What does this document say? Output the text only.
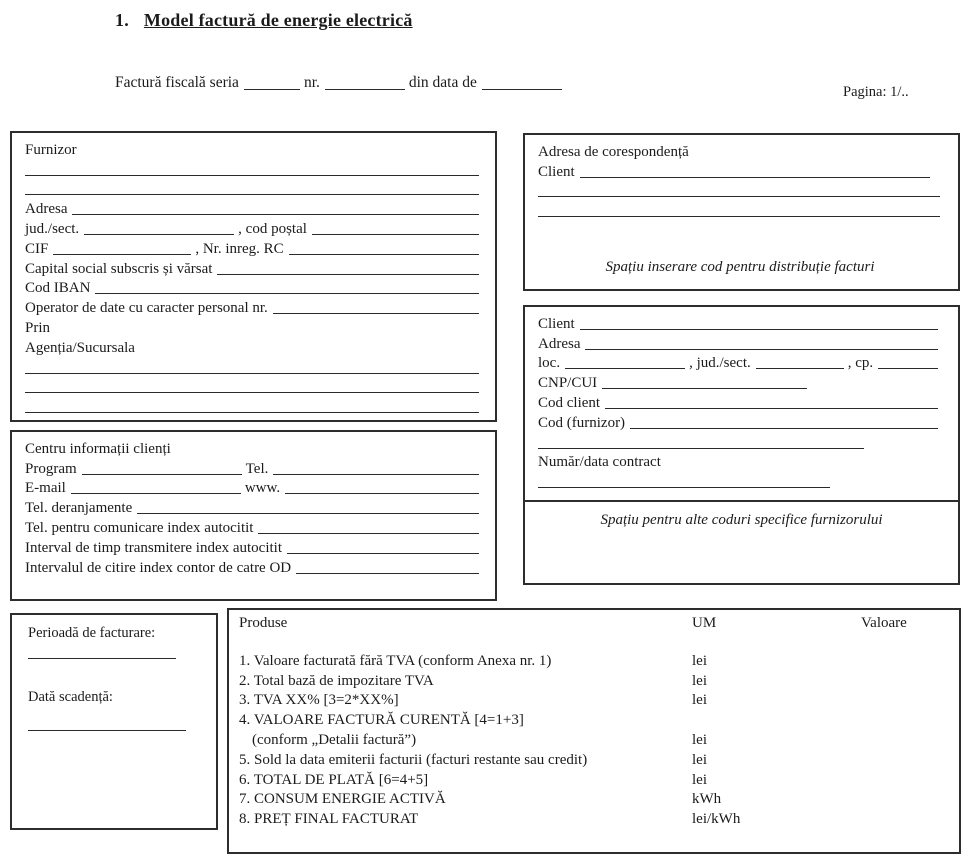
1. Model factură de energie electrică
Factură fiscală seria	nr.	din data de
Pagina: 1/..
Furnizor
Adresa
jud./sect.	, cod poștal
CIF	, Nr. inreg. RC
Capital social subscris și vărsat
Cod IBAN
Operator de date cu caracter personal nr.
Prin
Agenția/Sucursala
Centru informații clienți
Program	Tel.
E-mail	www.
Tel. deranjamente
Tel. pentru comunicare index autocitit
Interval de timp transmitere index autocitit
Intervalul de citire index contor de catre OD
Adresa de corespondență
Client
Spațiu inserare cod pentru distribuție facturi
Client
Adresa
loc.	, jud./sect.	, cp.
CNP/CUI
Cod client
Cod (furnizor)
Număr/data contract
Spațiu pentru alte coduri specifice furnizorului
Perioadă de facturare:
Dată scadență:
Produse	UM	Valoare
1. Valoare facturată fără TVA (conform Anexa nr. 1)	lei
2. Total bază de impozitare TVA	lei
3. TVA XX% [3=2*XX%]	lei
4. VALOARE FACTURĂ CURENTĂ [4=1+3]
(conform „Detalii factură”)	lei
5. Sold la data emiterii facturii (facturi restante sau credit)	lei
6. TOTAL DE PLATĂ [6=4+5]	lei
7. CONSUM ENERGIE ACTIVĂ	kWh
8. PREȚ FINAL FACTURAT	lei/kWh
